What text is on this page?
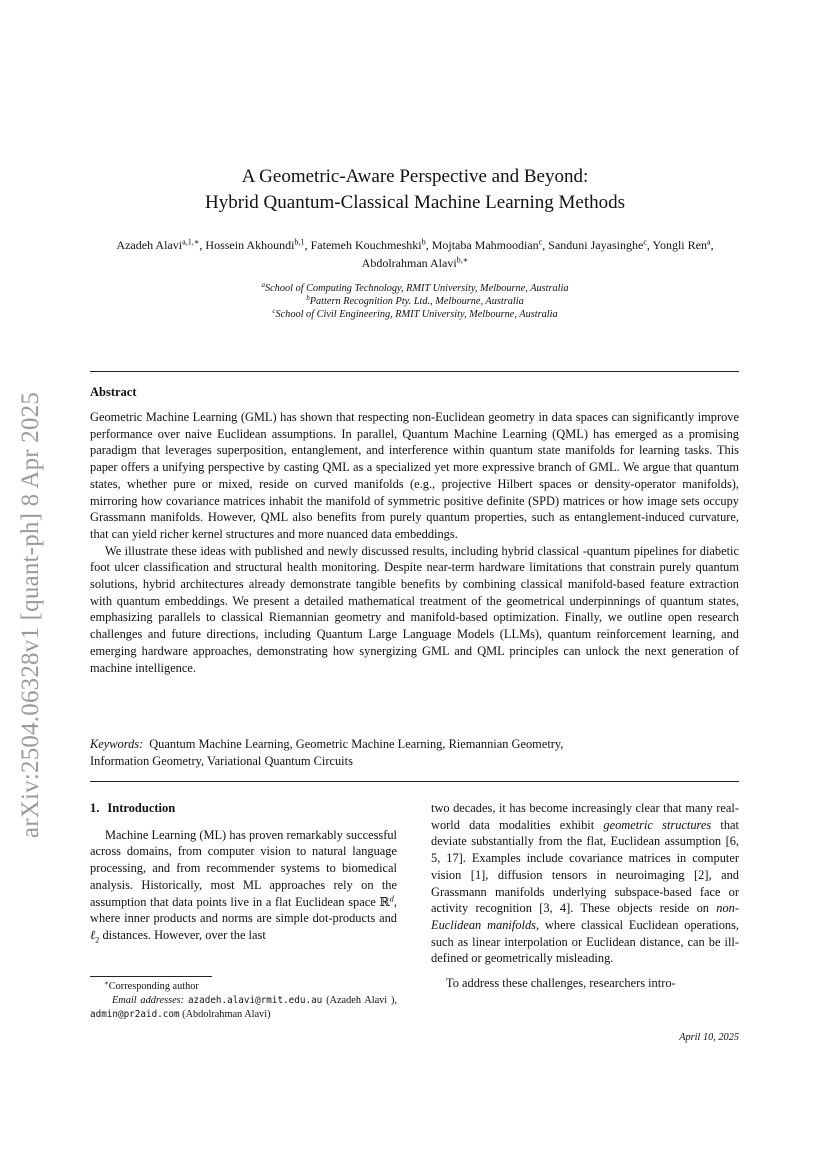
arXiv:2504.06328v1 [quant-ph] 8 Apr 2025
A Geometric-Aware Perspective and Beyond:
Hybrid Quantum-Classical Machine Learning Methods
Azadeh Alavi$^{a,1,∗}$, Hossein Akhoundi$^{b,1}$, Fatemeh Kouchmeshki$^b$, Mojtaba Mahmoodian$^c$, Sanduni Jayasinghe$^c$, Yongli Ren$^a$, Abdolrahman Alavi$^{b,∗}$
$^a$School of Computing Technology, RMIT University, Melbourne, Australia
$^b$Pattern Recognition Pty. Ltd., Melbourne, Australia
$^c$School of Civil Engineering, RMIT University, Melbourne, Australia
Abstract

Geometric Machine Learning (GML) has shown that respecting non-Euclidean geometry in data spaces can significantly improve performance over naive Euclidean assumptions. In parallel, Quantum Machine Learning (QML) has emerged as a promising paradigm that leverages superposition, entanglement, and interference within quantum state manifolds for learning tasks. This paper offers a unifying perspective by casting QML as a specialized yet more expressive branch of GML. We argue that quantum states, whether pure or mixed, reside on curved manifolds (e.g., projective Hilbert spaces or density-operator manifolds), mirroring how covariance matrices inhabit the manifold of symmetric positive definite (SPD) matrices or how image sets occupy Grassmann manifolds. However, QML also benefits from purely quantum properties, such as entanglement-induced curvature, that can yield richer kernel structures and more nuanced data embeddings.

We illustrate these ideas with published and newly discussed results, including hybrid classical -quantum pipelines for diabetic foot ulcer classification and structural health monitoring. Despite near-term hardware limitations that constrain purely quantum solutions, hybrid architectures already demonstrate tangible benefits by combining classical manifold-based feature extraction with quantum embeddings. We present a detailed mathematical treatment of the geometrical underpinnings of quantum states, emphasizing parallels to classical Riemannian geometry and manifold-based optimization. Finally, we outline open research challenges and future directions, including Quantum Large Language Models (LLMs), quantum reinforcement learning, and emerging hardware approaches, demonstrating how synergizing GML and QML principles can unlock the next generation of machine intelligence.

Keywords: Quantum Machine Learning, Geometric Machine Learning, Riemannian Geometry,
Information Geometry, Variational Quantum Circuits
1. Introduction

Machine Learning (ML) has proven remarkably successful across domains, from computer vision to natural language processing, and from recommender systems to biomedical analysis. Historically, most ML approaches rely on the assumption that data points live in a flat Euclidean space ℝ$^d$, where inner products and norms are simple dot-products and ℓ$_2$ distances. However, over the last

two decades, it has become increasingly clear that many real-world data modalities exhibit geometric structures that deviate substantially from the flat, Euclidean assumption [6, 5, 17]. Examples include covariance matrices in computer vision [1], diffusion tensors in neuroimaging [2], and Grassmann manifolds underlying subspace-based face or activity recognition [3, 4]. These objects reside on non-Euclidean manifolds, where classical Euclidean operations, such as linear interpolation or Euclidean distance, can be ill-defined or geometrically misleading.

To address these challenges, researchers intro-

∗Corresponding author
Email addresses: azadeh.alavi@rmit.edu.au (Azadeh Alavi ), admin@pr2aid.com (Abdolrahman Alavi)
April 10, 2025
